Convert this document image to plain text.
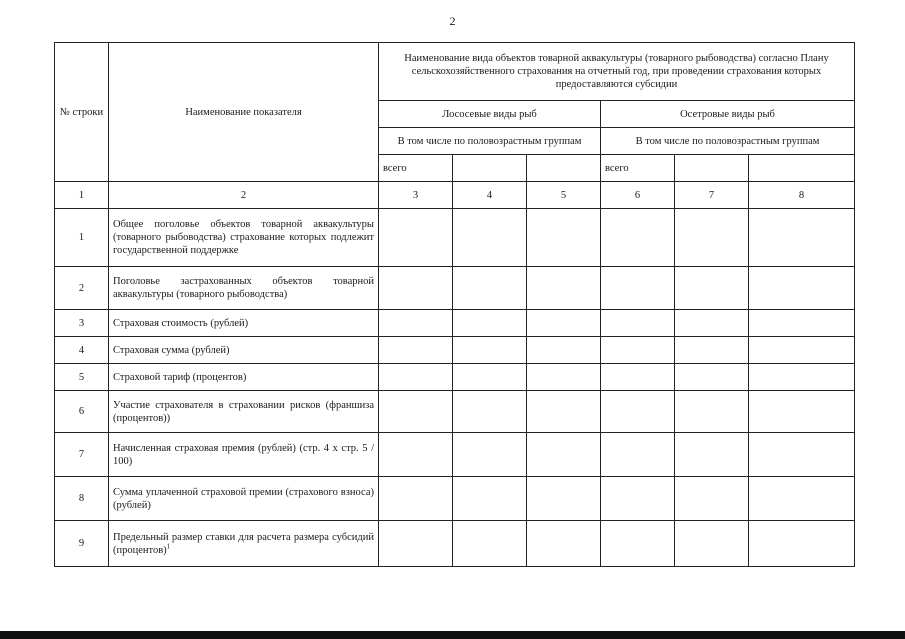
2
№ строки	Наименование показателя	Наименование вида объектов товарной аквакультуры (товарного рыбоводства) согласно Плану сельскохозяйственного страхования на отчетный год, при проведении страхования которых предоставляются субсидии					
		Лососевые виды рыб			Осетровые виды рыб		
		В том числе по половозрастным группам			В том числе по половозрастным группам		
		всего			всего		
1	2	3	4	5	6	7	8
1	Общее поголовье объектов товарной аквакультуры (товарного рыбоводства) страхование которых подлежит государственной поддержке						
2	Поголовье застрахованных объектов товарной аквакультуры (товарного рыбоводства)						
3	Страховая стоимость (рублей)						
4	Страховая сумма (рублей)						
5	Страховой тариф (процентов)						
6	Участие страхователя в страховании рисков (франшиза (процентов))						
7	Начисленная страховая премия (рублей) (стр. 4 х стр. 5 / 100)						
8	Сумма уплаченной страховой премии (страхового взноса) (рублей)						
9	Предельный размер ставки для расчета размера субсидий (процентов)$^1$						
